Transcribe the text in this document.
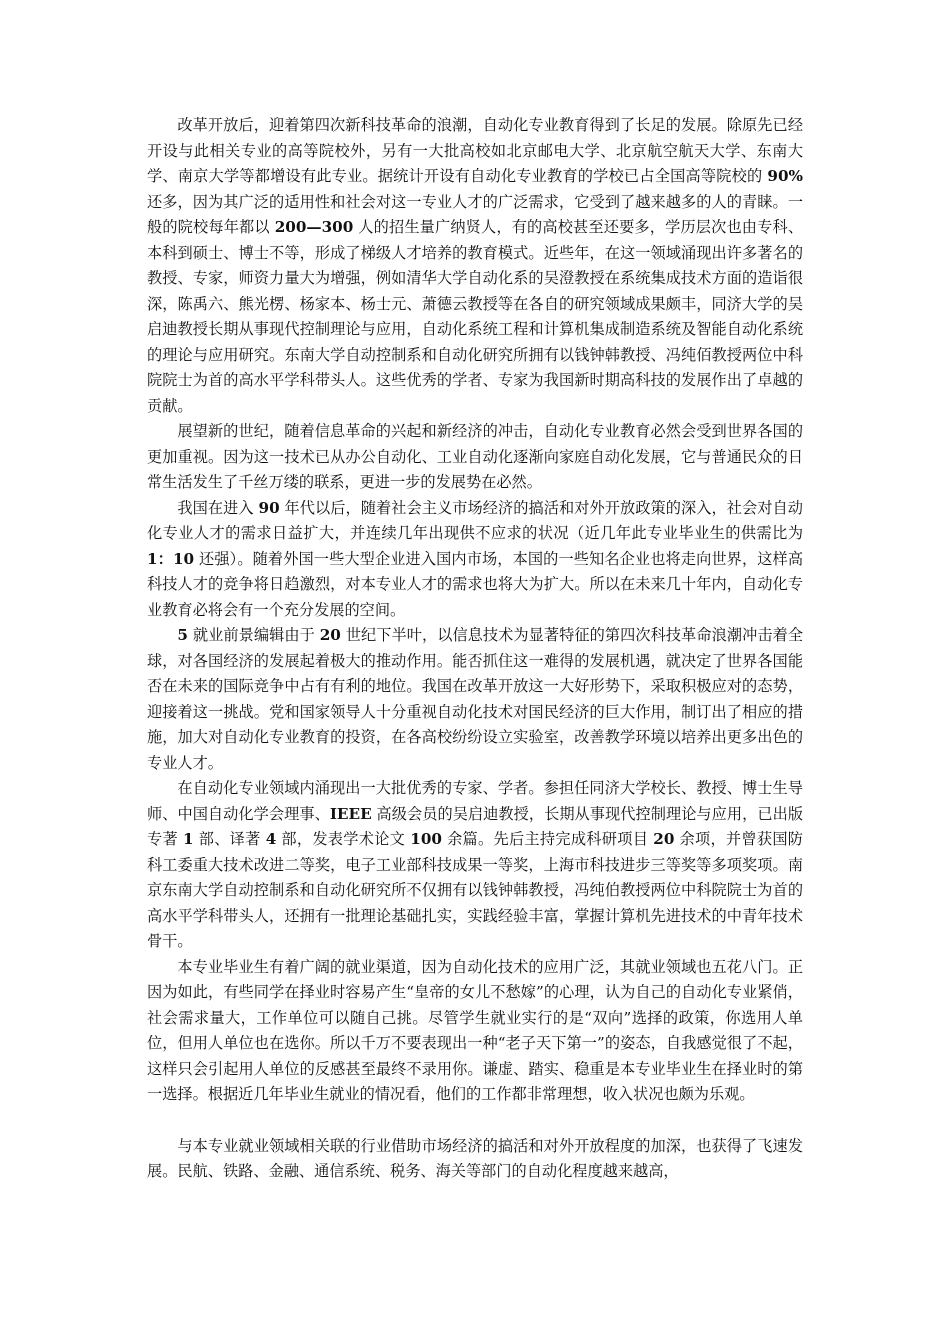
改革开放后，迎着第四次新科技革命的浪潮，自动化专业教育得到了长足的发展。除原先已经开设与此相关专业的高等院校外，另有一大批高校如北京邮电大学、北京航空航天大学、东南大学、南京大学等都增设有此专业。据统计开设有自动化专业教育的学校已占全国高等院校的 90%还多，因为其广泛的适用性和社会对这一专业人才的广泛需求，它受到了越来越多的人的青睐。一般的院校每年都以 200—300 人的招生量广纳贤人，有的高校甚至还要多，学历层次也由专科、本科到硕士、博士不等，形成了梯级人才培养的教育模式。近些年，在这一领域涌现出许多著名的教授、专家，师资力量大为增强，例如清华大学自动化系的吴澄教授在系统集成技术方面的造诣很深，陈禹六、熊光楞、杨家本、杨士元、萧德云教授等在各自的研究领域成果颇丰，同济大学的吴启迪教授长期从事现代控制理论与应用，自动化系统工程和计算机集成制造系统及智能自动化系统的理论与应用研究。东南大学自动控制系和自动化研究所拥有以钱钟韩教授、冯纯佰教授两位中科院院士为首的高水平学科带头人。这些优秀的学者、专家为我国新时期高科技的发展作出了卓越的贡献。

展望新的世纪，随着信息革命的兴起和新经济的冲击，自动化专业教育必然会受到世界各国的更加重视。因为这一技术已从办公自动化、工业自动化逐渐向家庭自动化发展，它与普通民众的日常生活发生了千丝万缕的联系，更进一步的发展势在必然。

我国在进入 90 年代以后，随着社会主义市场经济的搞活和对外开放政策的深入，社会对自动化专业人才的需求日益扩大，并连续几年出现供不应求的状况（近几年此专业毕业生的供需比为 1：10 还强）。随着外国一些大型企业进入国内市场，本国的一些知名企业也将走向世界，这样高科技人才的竞争将日趋激烈，对本专业人才的需求也将大为扩大。所以在未来几十年内，自动化专业教育必将会有一个充分发展的空间。

5 就业前景编辑由于 20 世纪下半叶，以信息技术为显著特征的第四次科技革命浪潮冲击着全球，对各国经济的发展起着极大的推动作用。能否抓住这一难得的发展机遇，就决定了世界各国能否在未来的国际竞争中占有有利的地位。我国在改革开放这一大好形势下，采取积极应对的态势，迎接着这一挑战。党和国家领导人十分重视自动化技术对国民经济的巨大作用，制订出了相应的措施，加大对自动化专业教育的投资，在各高校纷纷设立实验室，改善教学环境以培养出更多出色的专业人才。

在自动化专业领域内涌现出一大批优秀的专家、学者。参担任同济大学校长、教授、博士生导师、中国自动化学会理事、IEEE 高级会员的吴启迪教授，长期从事现代控制理论与应用，已出版专著 1 部、译著 4 部，发表学术论文 100 余篇。先后主持完成科研项目 20 余项，并曾获国防科工委重大技术改进二等奖，电子工业部科技成果一等奖，上海市科技进步三等奖等多项奖项。南京东南大学自动控制系和自动化研究所不仅拥有以钱钟韩教授，冯纯伯教授两位中科院院士为首的高水平学科带头人，还拥有一批理论基础扎实，实践经验丰富，掌握计算机先进技术的中青年技术骨干。

本专业毕业生有着广阔的就业渠道，因为自动化技术的应用广泛，其就业领域也五花八门。正因为如此，有些同学在择业时容易产生“皇帝的女儿不愁嫁”的心理，认为自己的自动化专业紧俏，社会需求量大，工作单位可以随自己挑。尽管学生就业实行的是“双向”选择的政策，你选用人单位，但用人单位也在选你。所以千万不要表现出一种“老子天下第一”的姿态，自我感觉很了不起，这样只会引起用人单位的反感甚至最终不录用你。谦虚、踏实、稳重是本专业毕业生在择业时的第一选择。根据近几年毕业生就业的情况看，他们的工作都非常理想，收入状况也颇为乐观。

与本专业就业领域相关联的行业借助市场经济的搞活和对外开放程度的加深，也获得了飞速发展。民航、铁路、金融、通信系统、税务、海关等部门的自动化程度越来越高，
